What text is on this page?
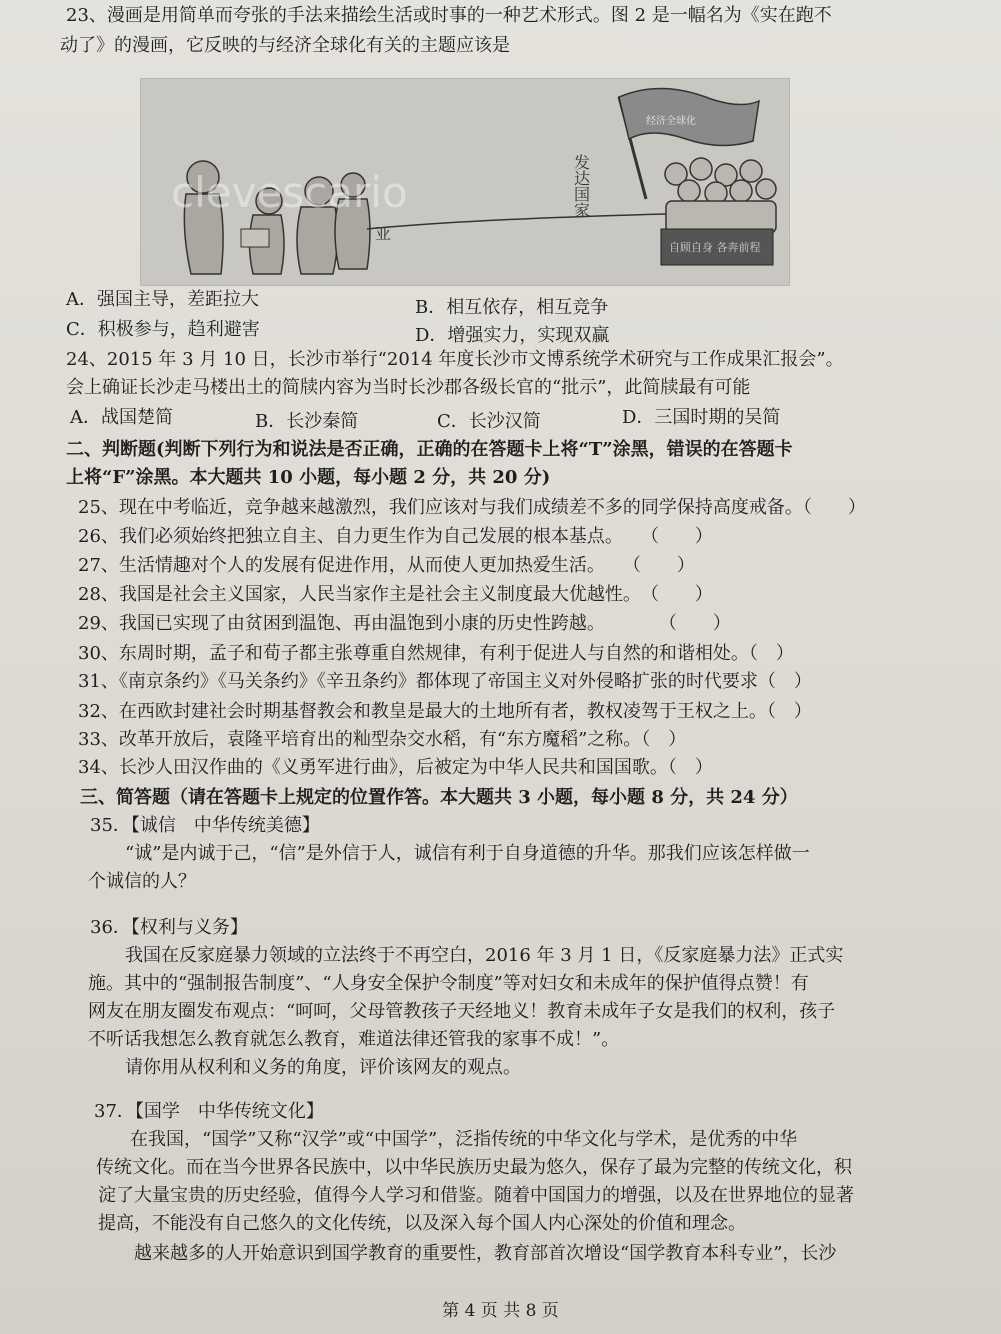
23、漫画是用简单而夸张的手法来描绘生活或时事的一种艺术形式。图 2 是一幅名为《实在跑不
动了》的漫画，它反映的与经济全球化有关的主题应该是
经济全球化
发达国家
亚
clevescario
自顾自身 各奔前程
A．强国主导，差距拉大	B．相互依存，相互竞争
C．积极参与，趋利避害	D．增强实力，实现双赢
24、2015 年 3 月 10 日，长沙市举行“2014 年度长沙市文博系统学术研究与工作成果汇报会”。
会上确证长沙走马楼出土的简牍内容为当时长沙郡各级长官的“批示”，此简牍最有可能
A．战国楚简	B．长沙秦简	C．长沙汉简	D．三国时期的吴简
二、判断题(判断下列行为和说法是否正确，正确的在答题卡上将“T”涂黑，错误的在答题卡
上将“F”涂黑。本大题共 10 小题，每小题 2 分，共 20 分)
25、现在中考临近，竞争越来越激烈，我们应该对与我们成绩差不多的同学保持高度戒备。（　　）
26、我们必须始终把独立自主、自力更生作为自己发展的根本基点。　　（　　）
27、生活情趣对个人的发展有促进作用，从而使人更加热爱生活。　　（　　）
28、我国是社会主义国家，人民当家作主是社会主义制度最大优越性。　（　　）
29、我国已实现了由贫困到温饱、再由温饱到小康的历史性跨越。　　　　（　　）
30、东周时期，孟子和荀子都主张尊重自然规律，有利于促进人与自然的和谐相处。（　）
31、《南京条约》《马关条约》《辛丑条约》都体现了帝国主义对外侵略扩张的时代要求（　）
32、在西欧封建社会时期基督教会和教皇是最大的土地所有者，教权凌驾于王权之上。（　）
33、改革开放后，袁隆平培育出的籼型杂交水稻，有“东方魔稻”之称。（　）
34、长沙人田汉作曲的《义勇军进行曲》，后被定为中华人民共和国国歌。（　）
三、简答题（请在答题卡上规定的位置作答。本大题共 3 小题，每小题 8 分，共 24 分）
35．【诚信　中华传统美德】
“诚”是内诚于己，“信”是外信于人，诚信有利于自身道德的升华。那我们应该怎样做一
个诚信的人？
36．【权利与义务】
我国在反家庭暴力领域的立法终于不再空白，2016 年 3 月 1 日，《反家庭暴力法》正式实
施。其中的“强制报告制度”、“人身安全保护令制度”等对妇女和未成年的保护值得点赞！有
网友在朋友圈发布观点：“呵呵，父母管教孩子天经地义！教育未成年子女是我们的权利，孩子
不听话我想怎么教育就怎么教育，难道法律还管我的家事不成！”。
请你用从权利和义务的角度，评价该网友的观点。
37．【国学　中华传统文化】
在我国，“国学”又称“汉学”或“中国学”，泛指传统的中华文化与学术，是优秀的中华
传统文化。而在当今世界各民族中，以中华民族历史最为悠久，保存了最为完整的传统文化，积
淀了大量宝贵的历史经验，值得今人学习和借鉴。随着中国国力的增强，以及在世界地位的显著
提高，不能没有自己悠久的文化传统，以及深入每个国人内心深处的价值和理念。
越来越多的人开始意识到国学教育的重要性，教育部首次增设“国学教育本科专业”，长沙
第 4 页 共 8 页
